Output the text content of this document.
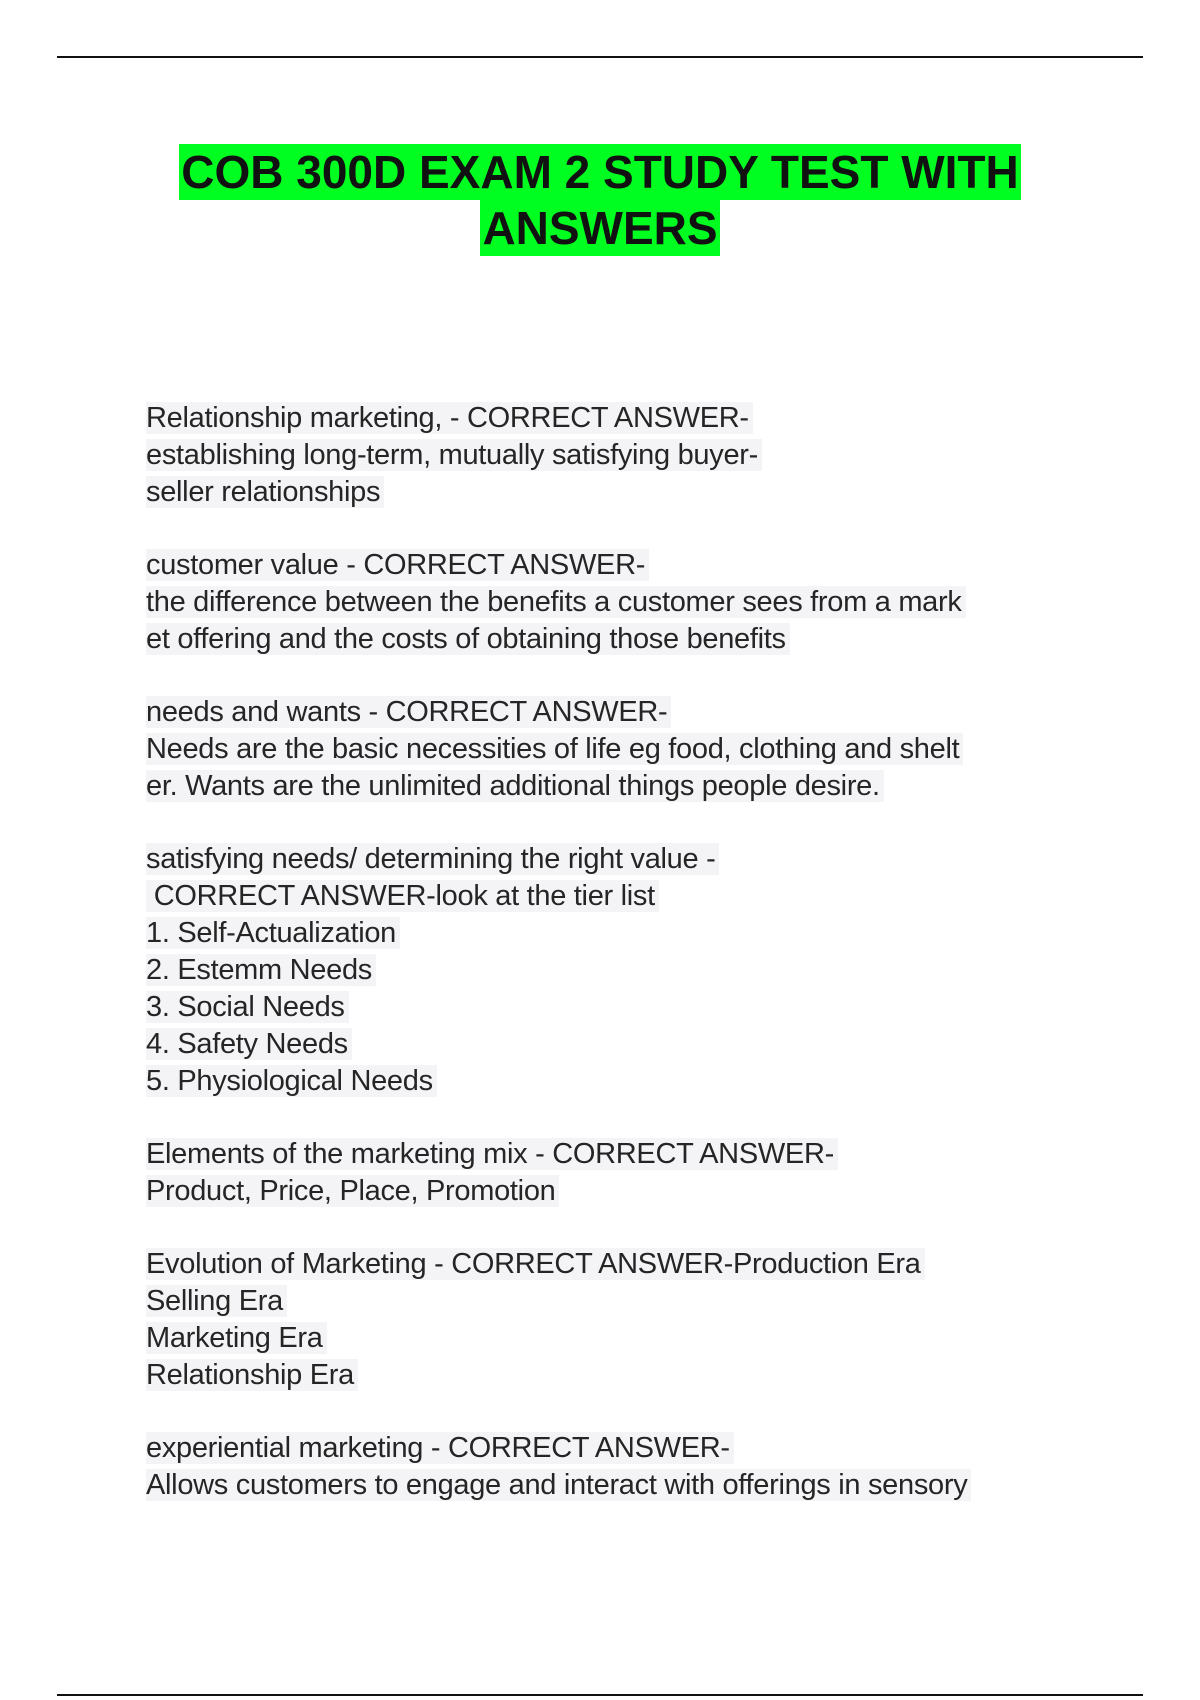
COB 300D EXAM 2 STUDY TEST WITH
ANSWERS
Relationship marketing, - CORRECT ANSWER-
establishing long-term, mutually satisfying buyer-
seller relationships
customer value - CORRECT ANSWER-
the difference between the benefits a customer sees from a mark
et offering and the costs of obtaining those benefits
needs and wants - CORRECT ANSWER-
Needs are the basic necessities of life eg food, clothing and shelt
er. Wants are the unlimited additional things people desire.
satisfying needs/ determining the right value -
CORRECT ANSWER-look at the tier list
1. Self-Actualization
2. Estemm Needs
3. Social Needs
4. Safety Needs
5. Physiological Needs
Elements of the marketing mix - CORRECT ANSWER-
Product, Price, Place, Promotion
Evolution of Marketing - CORRECT ANSWER-Production Era
Selling Era
Marketing Era
Relationship Era
experiential marketing - CORRECT ANSWER-
Allows customers to engage and interact with offerings in sensory
